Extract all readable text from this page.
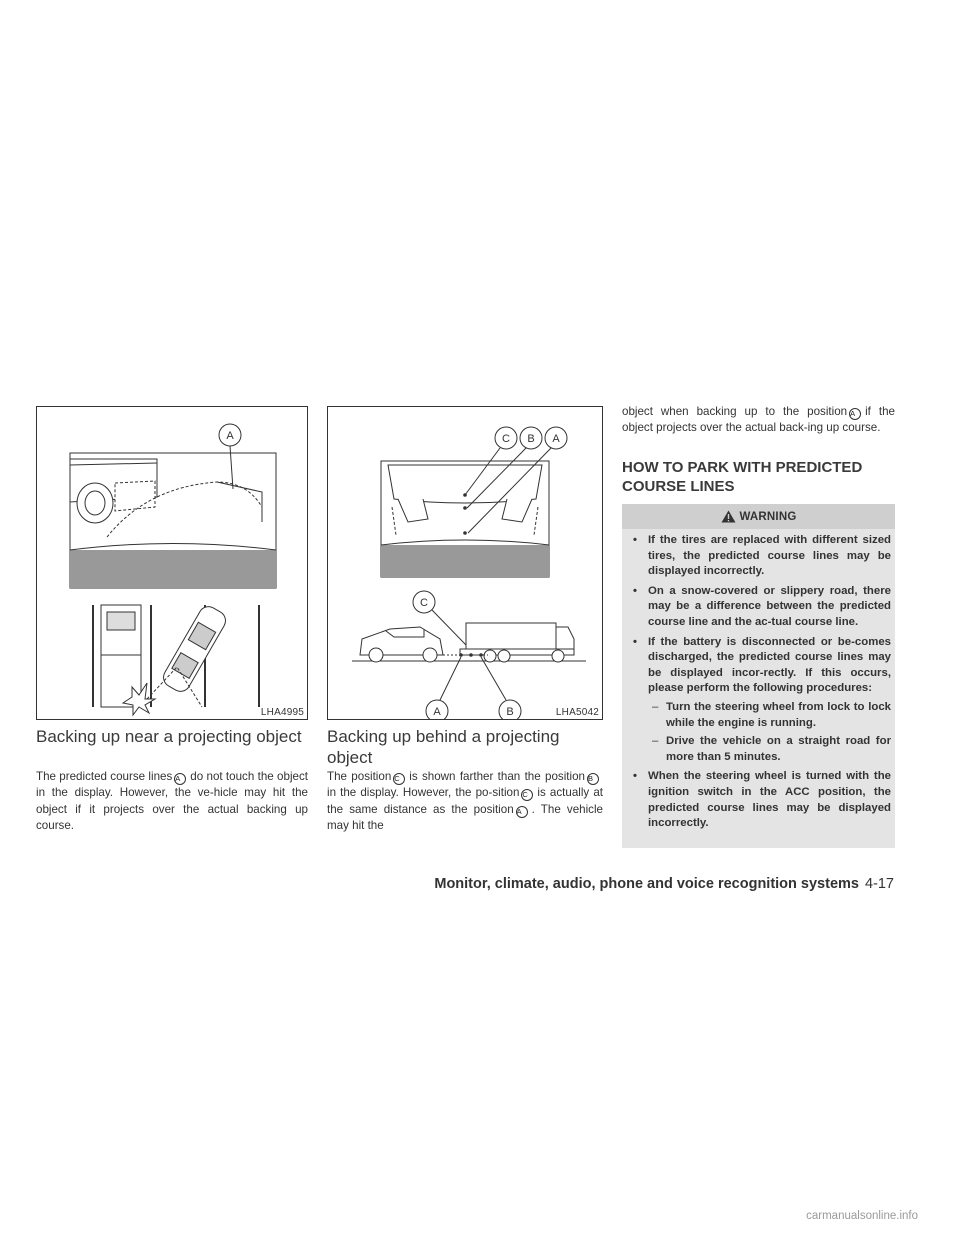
A
LHA4995
C B A
C
A	B	LHA5042
Backing up near a projecting object

The predicted course lines A do not touch the object in the display. However, the ve-hicle may hit the object if it projects over the actual backing up course.

Backing up behind a projecting object

The position C is shown farther than the position Bin the display. However, the po-sition C is actually at the same distance as the position A . The vehicle may hit the

object when backing up to the position A if the object projects over the actual back-ing up course.

HOW TO PARK WITH PREDICTED COURSE LINES
WARNING
• If the tires are replaced with different sized tires, the predicted course lines may be displayed incorrectly.
• On a snow-covered or slippery road, there may be a difference between the predicted course line and the ac-tual course line.
• If the battery is disconnected or be-comes discharged, the predicted course lines may be displayed incor-rectly. If this occurs, please perform the following procedures:
– Turn the steering wheel from lock to lock while the engine is running.
– Drive the vehicle on a straight road for more than 5 minutes.
• When the steering wheel is turned with the ignition switch in the ACC position, the predicted course lines may be displayed incorrectly.
Monitor, climate, audio, phone and voice recognition systems 4-17
carmanualsonline.info
